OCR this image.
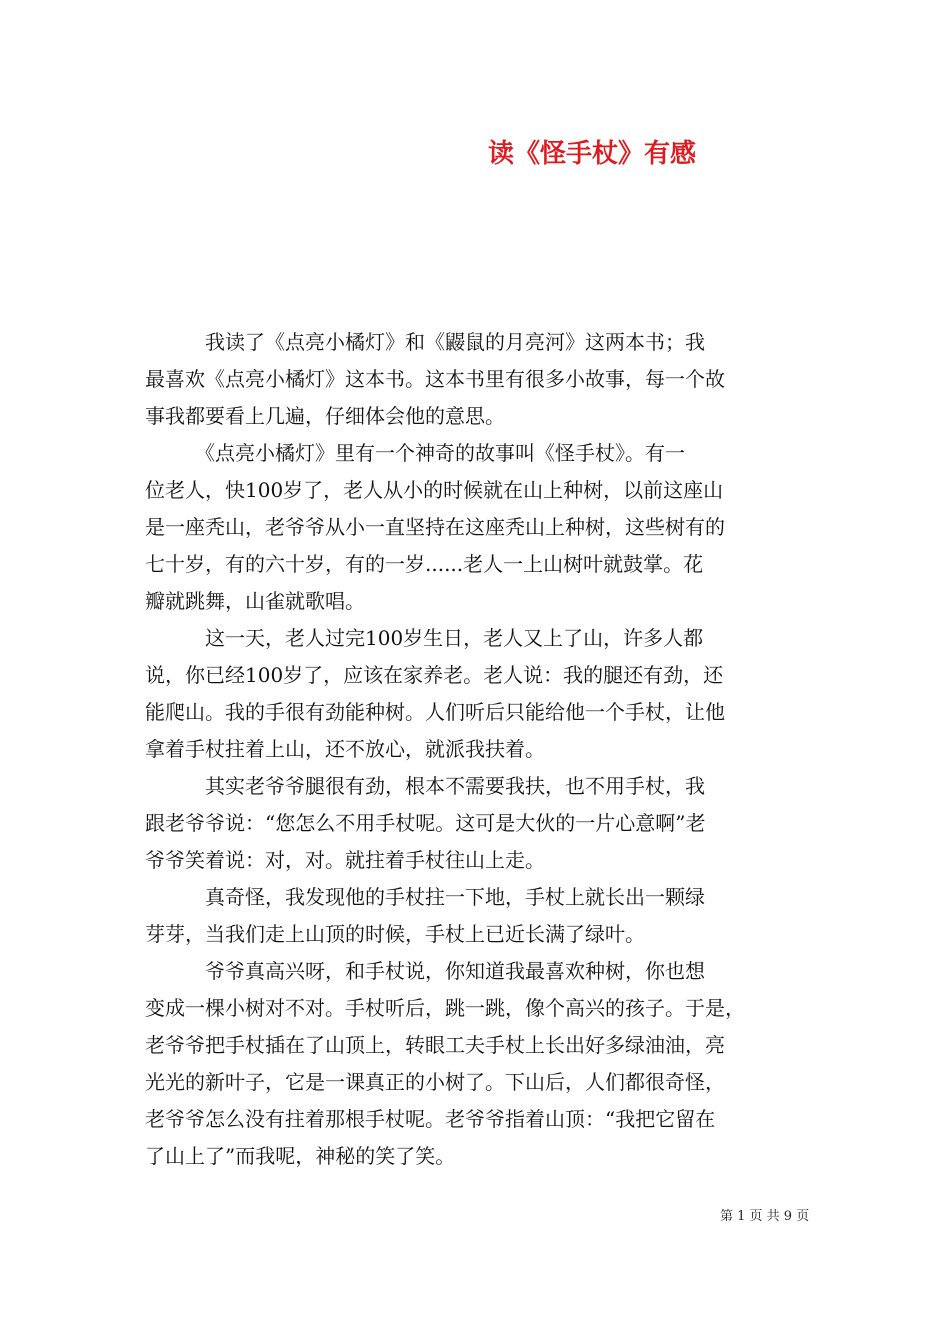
读《怪手杖》有感
　　　我读了《点亮小橘灯》和《鼹鼠的月亮河》这两本书；我
最喜欢《点亮小橘灯》这本书。这本书里有很多小故事，每一个故
事我都要看上几遍，仔细体会他的意思。
　　　《点亮小橘灯》里有一个神奇的故事叫《怪手杖》。有一
位老人，快100岁了，老人从小的时候就在山上种树，以前这座山
是一座秃山，老爷爷从小一直坚持在这座秃山上种树，这些树有的
七十岁，有的六十岁，有的一岁......老人一上山树叶就鼓掌。花
瓣就跳舞，山雀就歌唱。
　　　这一天，老人过完100岁生日，老人又上了山，许多人都
说，你已经100岁了，应该在家养老。老人说：我的腿还有劲，还
能爬山。我的手很有劲能种树。人们听后只能给他一个手杖，让他
拿着手杖拄着上山，还不放心，就派我扶着。
　　　其实老爷爷腿很有劲，根本不需要我扶，也不用手杖，我
跟老爷爷说：“您怎么不用手杖呢。这可是大伙的一片心意啊”老
爷爷笑着说：对，对。就拄着手杖往山上走。
　　　真奇怪，我发现他的手杖拄一下地，手杖上就长出一颗绿
芽芽，当我们走上山顶的时候，手杖上已近长满了绿叶。
　　　爷爷真高兴呀，和手杖说，你知道我最喜欢种树，你也想
变成一棵小树对不对。手杖听后，跳一跳，像个高兴的孩子。于是，
老爷爷把手杖插在了山顶上，转眼工夫手杖上长出好多绿油油，亮
光光的新叶子，它是一课真正的小树了。下山后，人们都很奇怪，
老爷爷怎么没有拄着那根手杖呢。老爷爷指着山顶：“我把它留在
了山上了”而我呢，神秘的笑了笑。
第 1 页 共 9 页
